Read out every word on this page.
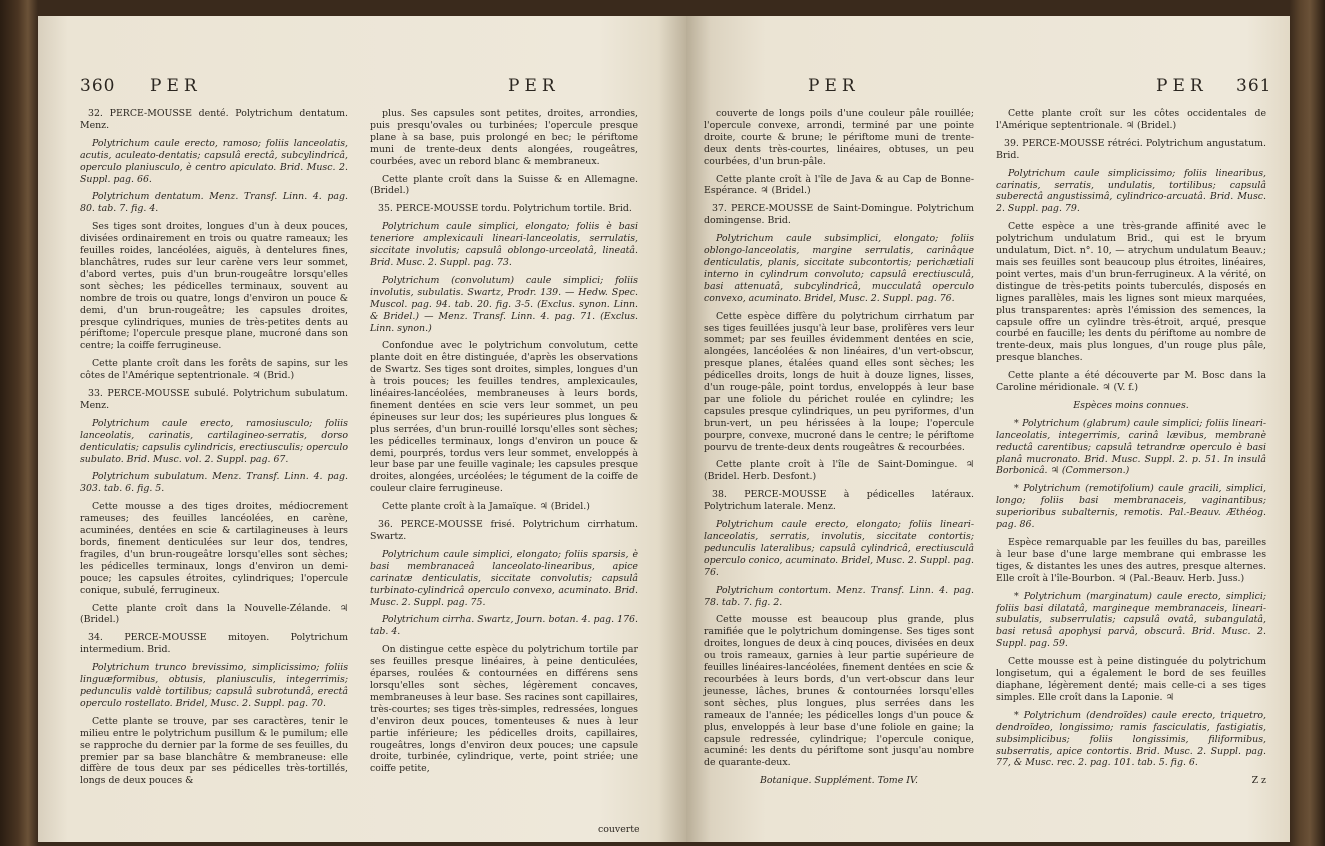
360 PER	PER

32. PERCE-MOUSSE denté. Polytrichum dentatum. Menz.

Polytrichum caule erecto, ramoso; foliis lanceolatis, acutis, aculeato-dentatis; capsulâ erectâ, subcylindricâ, operculo planiusculo, è centro apiculato. Brid. Musc. 2. Suppl. pag. 66.

Polytrichum dentatum. Menz. Transf. Linn. 4. pag. 80. tab. 7. fig. 4.

Ses tiges sont droites, longues d'un à deux pouces, divisées ordinairement en trois ou quatre rameaux; les feuilles roides, lancéolées, aiguës, à dentelures fines, blanchâtres, rudes sur leur carène vers leur sommet, d'abord vertes, puis d'un brun-rougeâtre lorsqu'elles sont sèches; les pédicelles terminaux, souvent au nombre de trois ou quatre, longs d'environ un pouce & demi, d'un brun-rougeâtre; les capsules droites, presque cylindriques, munies de très-petites dents au périftome; l'opercule presque plane, mucroné dans son centre; la coiffe ferrugineuse.

Cette plante croît dans les forêts de sapins, sur les côtes de l'Amérique septentrionale. ♃ (Brid.)

33. PERCE-MOUSSE subulé. Polytrichum subulatum. Menz.

Polytrichum caule erecto, ramosiusculo; foliis lanceolatis, carinatis, cartilagineo-serratis, dorso denticulatis; capsulis cylindricis, erectiusculis; operculo subulato. Brid. Musc. vol. 2. Suppl. pag. 67.

Polytrichum subulatum. Menz. Transf. Linn. 4. pag. 303. tab. 6. fig. 5.

Cette mousse a des tiges droites, médiocrement rameuses; des feuilles lancéolées, en carène, acuminées, dentées en scie & cartilagineuses à leurs bords, finement denticulées sur leur dos, tendres, fragiles, d'un brun-rougeâtre lorsqu'elles sont sèches; les pédicelles terminaux, longs d'environ un demi-pouce; les capsules étroites, cylindriques; l'opercule conique, subulé, ferrugineux.

Cette plante croît dans la Nouvelle-Zélande. ♃ (Bridel.)

34. PERCE-MOUSSE mitoyen. Polytrichum intermedium. Brid.

Polytrichum trunco brevissimo, simplicissimo; foliis linguæformibus, obtusis, planiusculis, integerrimis; pedunculis valdè tortilibus; capsulâ subrotundâ, erectâ operculo rostellato. Bridel, Musc. 2. Suppl. pag. 70.

Cette plante se trouve, par ses caractères, tenir le milieu entre le polytrichum pusillum & le pumilum; elle se rapproche du dernier par la forme de ses feuilles, du premier par sa base blanchâtre & membraneuse: elle diffère de tous deux par ses pédicelles très-tortillés, longs de deux pouces &

plus. Ses capsules sont petites, droites, arrondies, puis presqu'ovales ou turbinées; l'opercule presque plane à sa base, puis prolongé en bec; le périftome muni de trente-deux dents alongées, rougeâtres, courbées, avec un rebord blanc & membraneux.

Cette plante croît dans la Suisse & en Allemagne. (Bridel.)

35. PERCE-MOUSSE tordu. Polytrichum tortile. Brid.

Polytrichum caule simplici, elongato; foliis è basi teneriore amplexicauli lineari-lanceolatis, serrulatis, siccitate involutis; capsulâ oblongo-urceolatâ, lineatâ. Brid. Musc. 2. Suppl. pag. 73.

Polytrichum (convolutum) caule simplici; foliis involutis, subulatis. Swartz, Prodr. 139. — Hedw. Spec. Muscol. pag. 94. tab. 20. fig. 3-5. (Exclus. synon. Linn. & Bridel.) — Menz. Transf. Linn. 4. pag. 71. (Exclus. Linn. synon.)

Confondue avec le polytrichum convolutum, cette plante doit en être distinguée, d'après les observations de Swartz. Ses tiges sont droites, simples, longues d'un à trois pouces; les feuilles tendres, amplexicaules, linéaires-lancéolées, membraneuses à leurs bords, finement dentées en scie vers leur sommet, un peu épineuses sur leur dos; les supérieures plus longues & plus serrées, d'un brun-rouillé lorsqu'elles sont sèches; les pédicelles terminaux, longs d'environ un pouce & demi, pourprés, tordus vers leur sommet, enveloppés à leur base par une feuille vaginale; les capsules presque droites, alongées, urcéolées; le tégument de la coiffe de couleur claire ferrugineuse.

Cette plante croît à la Jamaïque. ♃ (Bridel.)

36. PERCE-MOUSSE frisé. Polytrichum cirrhatum. Swartz.

Polytrichum caule simplici, elongato; foliis sparsis, è basi membranaceâ lanceolato-linearibus, apice carinatæ denticulatis, siccitate convolutis; capsulâ turbinato-cylindricâ operculo convexo, acuminato. Brid. Musc. 2. Suppl. pag. 75.

Polytrichum cirrha. Swartz, Journ. botan. 4. pag. 176. tab. 4.

On distingue cette espèce du polytrichum tortile par ses feuilles presque linéaires, à peine denticulées, éparses, roulées & contournées en différens sens lorsqu'elles sont sèches, légèrement concaves, membraneuses à leur base. Ses racines sont capillaires, très-courtes; ses tiges très-simples, redressées, longues d'environ deux pouces, tomenteuses & nues à leur partie inférieure; les pédicelles droits, capillaires, rougeâtres, longs d'environ deux pouces; une capsule droite, turbinée, cylindrique, verte, point striée; une coiffe petite,

couverte
PER	PER 361

couverte de longs poils d'une couleur pâle rouillée; l'opercule convexe, arrondi, terminé par une pointe droite, courte & brune; le périftome muni de trente-deux dents très-courtes, linéaires, obtuses, un peu courbées, d'un brun-pâle.

Cette plante croît à l'île de Java & au Cap de Bonne-Espérance. ♃ (Bridel.)

37. PERCE-MOUSSE de Saint-Domingue. Polytrichum domingense. Brid.

Polytrichum caule subsimplici, elongato; foliis oblongo-lanceolatis, margine serrulatis, carinâque denticulatis, planis, siccitate subcontortis; perichætiali interno in cylindrum convoluto; capsulâ erectiusculâ, basi attenuatâ, subcylindricâ, mucculatâ operculo convexo, acuminato. Bridel, Musc. 2. Suppl. pag. 76.

Cette espèce diffère du polytrichum cirrhatum par ses tiges feuillées jusqu'à leur base, prolifères vers leur sommet; par ses feuilles évidemment dentées en scie, alongées, lancéolées & non linéaires, d'un vert-obscur, presque planes, étalées quand elles sont sèches; les pédicelles droits, longs de huit à douze lignes, lisses, d'un rouge-pâle, point tordus, enveloppés à leur base par une foliole du périchet roulée en cylindre; les capsules presque cylindriques, un peu pyriformes, d'un brun-vert, un peu hérissées à la loupe; l'opercule pourpre, convexe, mucroné dans le centre; le périftome pourvu de trente-deux dents rougeâtres & recourbées.

Cette plante croît à l'île de Saint-Domingue. ♃ (Bridel. Herb. Desfont.)

38. PERCE-MOUSSE à pédicelles latéraux. Polytrichum laterale. Menz.

Polytrichum caule erecto, elongato; foliis lineari-lanceolatis, serratis, involutis, siccitate contortis; pedunculis lateralibus; capsulâ cylindricâ, erectiusculâ operculo conico, acuminato. Bridel, Musc. 2. Suppl. pag. 76.

Polytrichum contortum. Menz. Transf. Linn. 4. pag. 78. tab. 7. fig. 2.

Cette mousse est beaucoup plus grande, plus ramifiée que le polytrichum domingense. Ses tiges sont droites, longues de deux à cinq pouces, divisées en deux ou trois rameaux, garnies à leur partie supérieure de feuilles linéaires-lancéolées, finement dentées en scie & recourbées à leurs bords, d'un vert-obscur dans leur jeunesse, lâches, brunes & contournées lorsqu'elles sont sèches, plus longues, plus serrées dans les rameaux de l'année; les pédicelles longs d'un pouce & plus, enveloppés à leur base d'une foliole en gaine; la capsule redressée, cylindrique; l'opercule conique, acuminé: les dents du périftome sont jusqu'au nombre de quarante-deux.

Botanique. Supplément. Tome IV.

Cette plante croît sur les côtes occidentales de l'Amérique septentrionale. ♃ (Bridel.)

39. PERCE-MOUSSE rétréci. Polytrichum angustatum. Brid.

Polytrichum caule simplicissimo; foliis linearibus, carinatis, serratis, undulatis, tortilibus; capsulâ subereсtâ angustissimâ, cylindrico-arcuatâ. Brid. Musc. 2. Suppl. pag. 79.

Cette espèce a une très-grande affinité avec le polytrichum undulatum Brid., qui est le bryum undulatum, Dict. n°. 10, — atrychum undulatum Beauv.; mais ses feuilles sont beaucoup plus étroites, linéaires, point vertes, mais d'un brun-ferrugineux. A la vérité, on distingue de très-petits points tuberculés, disposés en lignes parallèles, mais les lignes sont mieux marquées, plus transparentes: après l'émission des semences, la capsule offre un cylindre très-étroit, arqué, presque courbé en faucille; les dents du périftome au nombre de trente-deux, mais plus longues, d'un rouge plus pâle, presque blanches.

Cette plante a été découverte par M. Bosc dans la Caroline méridionale. ♃ (V. f.)

Espèces moins connues.

* Polytrichum (glabrum) caule simplici; foliis lineari-lanceolatis, integerrimis, carinâ lævibus, membranè reductâ carentibus; capsulâ tetrandræ operculo è basi planâ mucronato. Brid. Musc. Suppl. 2. p. 51. In insulâ Borbonicâ. ♃ (Commerson.)

* Polytrichum (remotifolium) caule gracili, simplici, longo; foliis basi membranaceis, vaginantibus; superioribus subalternis, remotis. Pal.-Beauv. Æthéog. pag. 86.

Espèce remarquable par les feuilles du bas, pareilles à leur base d'une large membrane qui embrasse les tiges, & distantes les unes des autres, presque alternes. Elle croît à l'île-Bourbon. ♃ (Pal.-Beauv. Herb. Juss.)

* Polytrichum (marginatum) caule erecto, simplici; foliis basi dilatatâ, margineque membranaceis, lineari-subulatis, subserrulatis; capsulâ ovatâ, subangulatâ, basi retusâ apophysi parvâ, obscurâ. Brid. Musc. 2. Suppl. pag. 59.

Cette mousse est à peine distinguée du polytrichum longisetum, qui a également le bord de ses feuilles diaphane, légèrement denté; mais celle-ci a ses tiges simples. Elle croît dans la Laponie. ♃

* Polytrichum (dendroïdes) caule erecto, triquetro, dendroïdeo, longissimo; ramis fasciculatis, fastigiatis, subsimplicibus; foliis longissimis, filiformibus, subserratis, apice contortis. Brid. Musc. 2. Suppl. pag. 77, & Musc. rec. 2. pag. 101. tab. 5. fig. 6.

Z z
